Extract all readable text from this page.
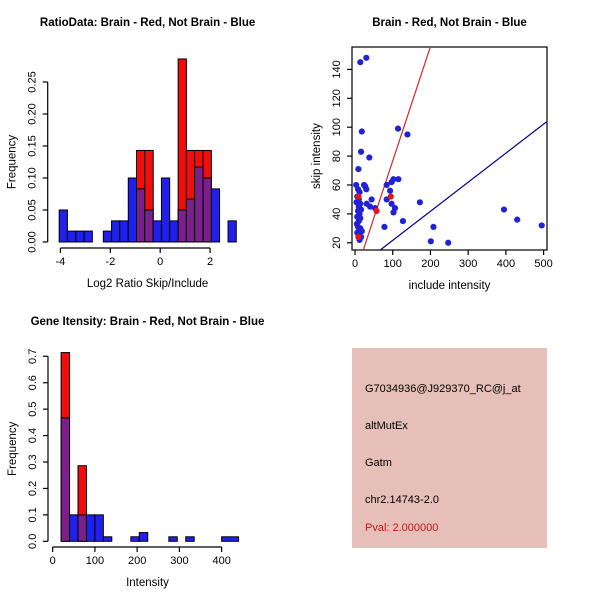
RatioData: Brain - Red, Not Brain - Blue
-4	-2	0	2
0.00
0.05
0.10
0.15
0.20
0.25
Log2 Ratio Skip/Include
Frequency
Brain - Red, Not Brain - Blue
0 100 200 300 400 500
20
40
60
80
100
120
140
include intensity
skip intensity
Gene Itensity: Brain - Red, Not Brain - Blue
0	100 200 300 400
0.0
0.1
0.2
0.3
0.4
0.5
0.6
0.7
Intensity
Frequency
G7034936@J929370_RC@j_at
altMutEx
Gatm
chr2.14743-2.0
Pval: 2.000000
